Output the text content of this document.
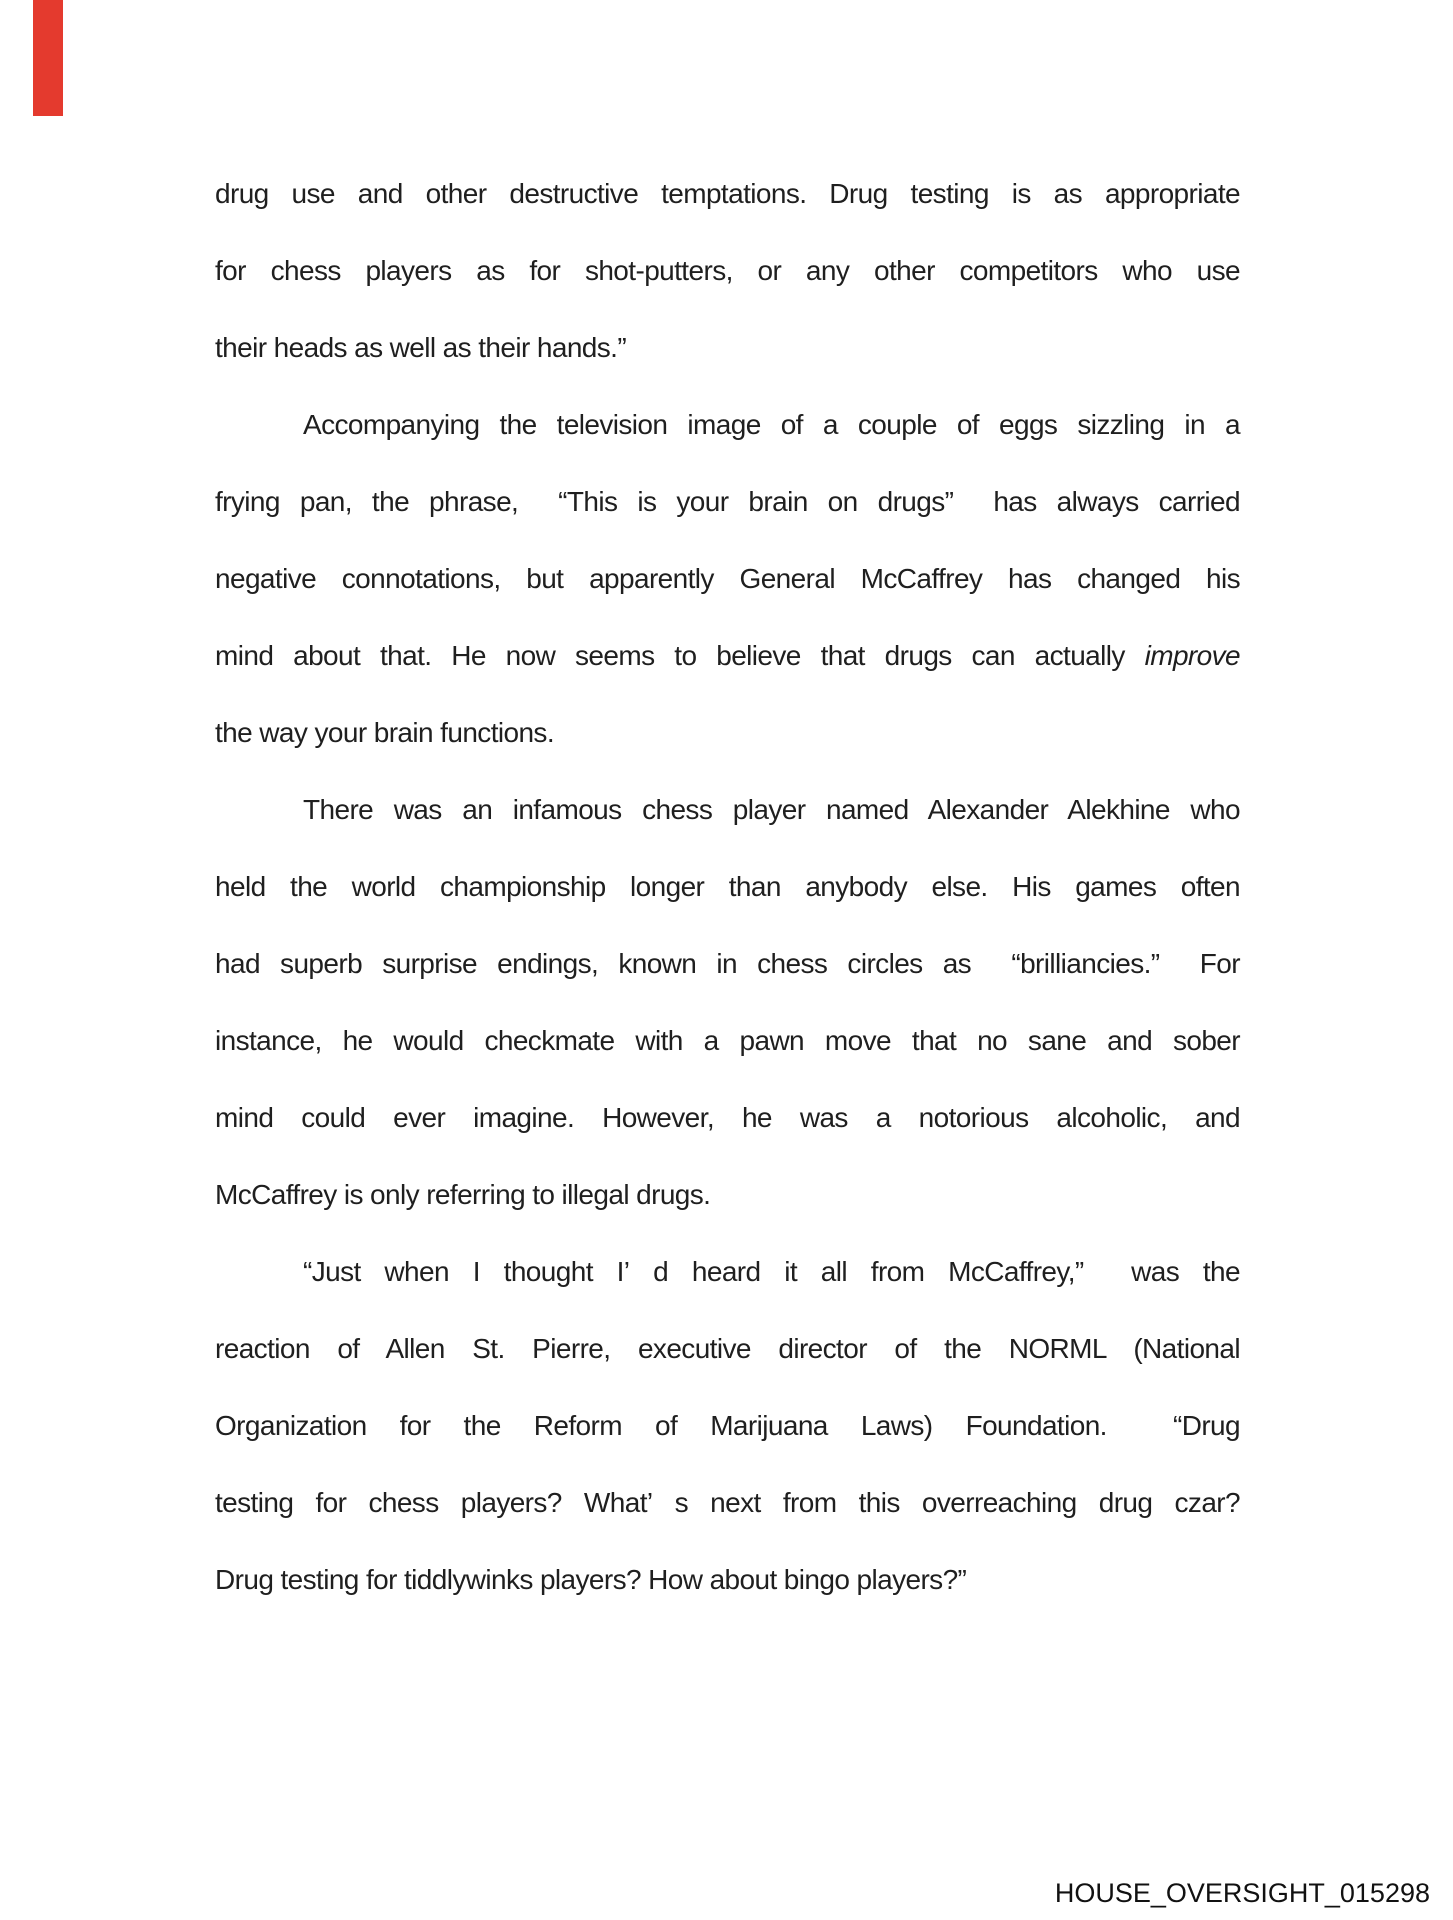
drug use and other destructive temptations. Drug testing is as appropriate
for chess players as for shot-putters, or any other competitors who use
their heads as well as their hands.”
Accompanying the television image of a couple of eggs sizzling in a
frying pan, the phrase,  “This is your brain on drugs”  has always carried
negative connotations, but apparently General McCaffrey has changed his
mind about that. He now seems to believe that drugs can actually improve
the way your brain functions.
There was an infamous chess player named Alexander Alekhine who
held the world championship longer than anybody else. His games often
had superb surprise endings, known in chess circles as  “brilliancies.”  For
instance, he would checkmate with a pawn move that no sane and sober
mind could ever imagine. However, he was a notorious alcoholic, and
McCaffrey is only referring to illegal drugs.
“Just when I thought I’ d heard it all from McCaffrey,”  was the
reaction of Allen St. Pierre, executive director of the NORML (National
Organization for the Reform of Marijuana Laws) Foundation.  “Drug
testing for chess players? What’ s next from this overreaching drug czar?
Drug testing for tiddlywinks players? How about bingo players?”
HOUSE_OVERSIGHT_015298
